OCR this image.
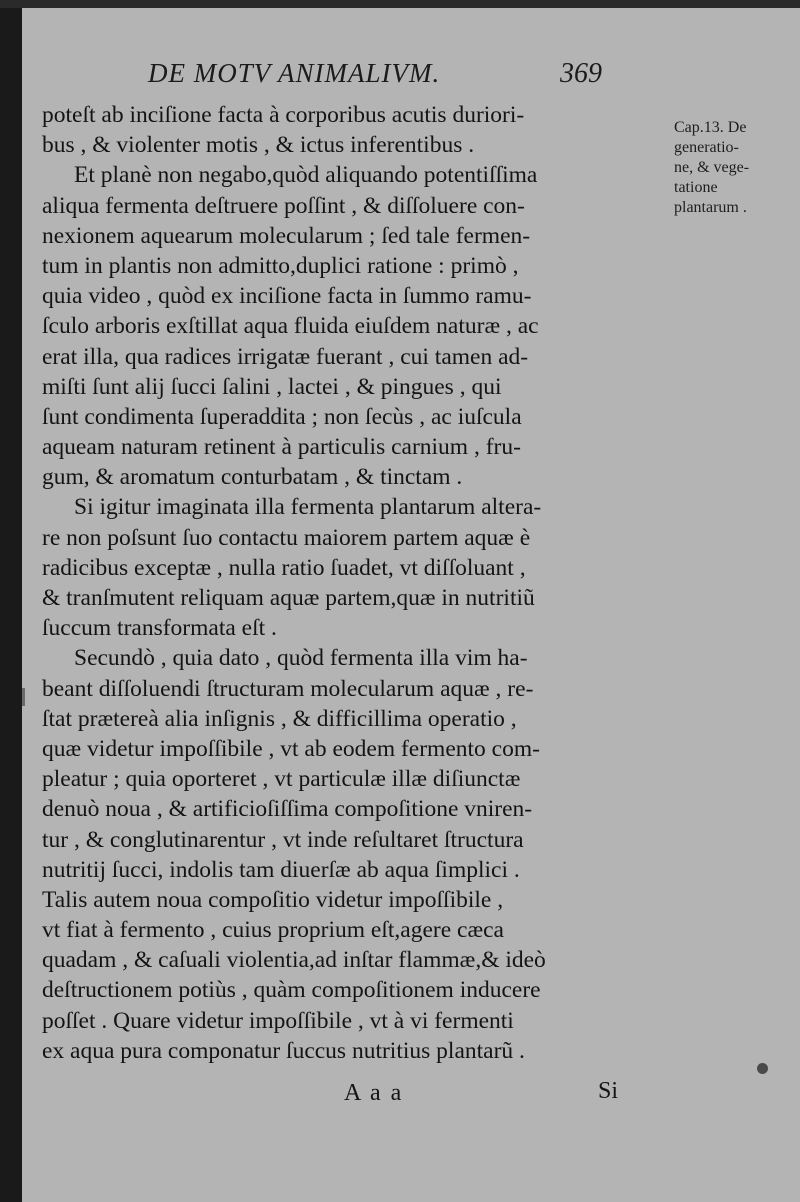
DE MOTV ANIMALIVM.	369
poteſt ab inciſione facta à corporibus acutis duriori-
bus , & violenter motis , & ictus inferentibus .
Et planè non negabo,quòd aliquando potentiſſima
aliqua fermenta deſtruere poſſint , & diſſoluere con-
nexionem aquearum molecularum ; ſed tale fermen-
tum in plantis non admitto,duplici ratione : primò ,
quia video , quòd ex inciſione facta in ſummo ramu-
ſculo arboris exſtillat aqua fluida eiuſdem naturæ , ac
erat illa, qua radices irrigatæ fuerant , cui tamen ad-
miſti ſunt alij ſucci ſalini , lactei , & pingues , qui
ſunt condimenta ſuperaddita ; non ſecùs , ac iuſcula
aqueam naturam retinent à particulis carnium , fru-
gum, & aromatum conturbatam , & tinctam .
Si igitur imaginata illa fermenta plantarum altera-
re non poſsunt ſuo contactu maiorem partem aquæ è
radicibus exceptæ , nulla ratio ſuadet, vt diſſoluant ,
& tranſmutent reliquam aquæ partem,quæ in nutritiũ
ſuccum transformata eſt .
Secundò , quia dato , quòd fermenta illa vim ha-
beant diſſoluendi ſtructuram molecularum aquæ , re-
ſtat prætereà alia inſignis , & difficillima operatio ,
quæ videtur impoſſibile , vt ab eodem fermento com-
pleatur ; quia oporteret , vt particulæ illæ diſiunctæ
denuò noua , & artificioſiſſima compoſitione vniren-
tur , & conglutinarentur , vt inde reſultaret ſtructura
nutritij ſucci, indolis tam diuerſæ ab aqua ſimplici .
Talis autem noua compoſitio videtur impoſſibile ,
vt fiat à fermento , cuius proprium eſt,agere cæca
quadam , & caſuali violentia,ad inſtar flammæ,& ideò
deſtructionem potiùs , quàm compoſitionem inducere
poſſet . Quare videtur impoſſibile , vt à vi fermenti
ex aqua pura componatur ſuccus nutritius plantarũ .
Cap.13. De
generatio-
ne, & vege-
tatione
plantarum .
A a a	Si
